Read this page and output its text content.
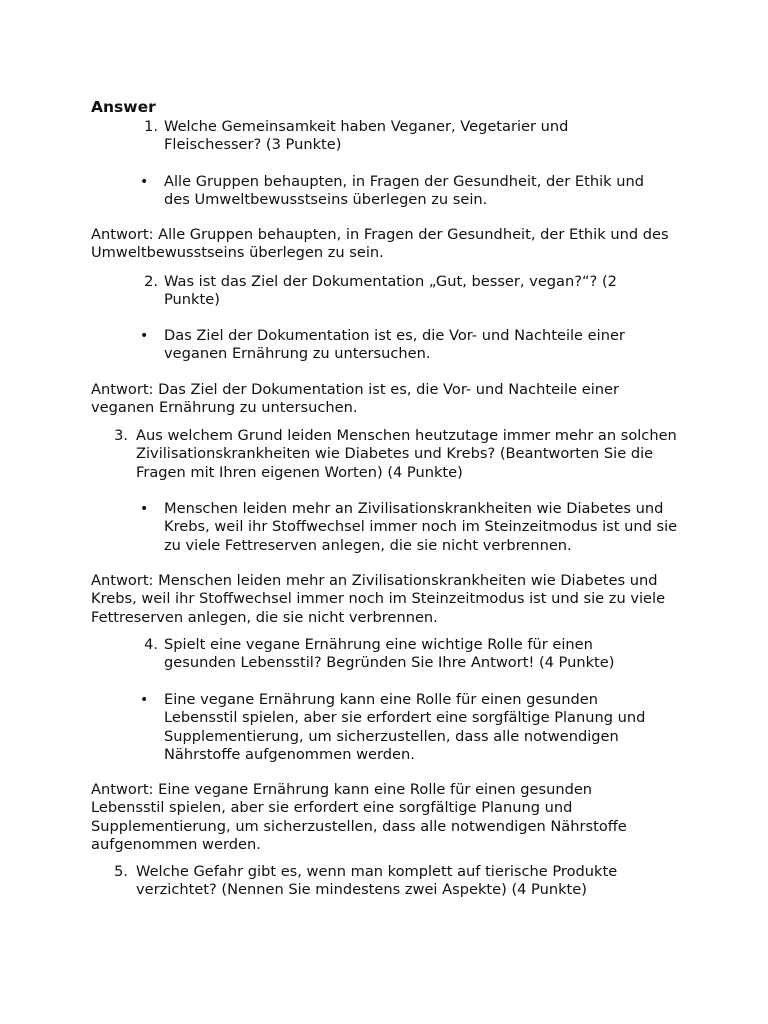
Answer
1. Welche Gemeinsamkeit haben Veganer, Vegetarier und Fleischesser? (3 Punkte)
• Alle Gruppen behaupten, in Fragen der Gesundheit, der Ethik und des Umweltbewusstseins überlegen zu sein.
Antwort: Alle Gruppen behaupten, in Fragen der Gesundheit, der Ethik und des Umweltbewusstseins überlegen zu sein.
2. Was ist das Ziel der Dokumentation „Gut, besser, vegan?“? (2 Punkte)
• Das Ziel der Dokumentation ist es, die Vor- und Nachteile einer veganen Ernährung zu untersuchen.
Antwort: Das Ziel der Dokumentation ist es, die Vor- und Nachteile einer veganen Ernährung zu untersuchen.
3. Aus welchem Grund leiden Menschen heutzutage immer mehr an solchen Zivilisationskrankheiten wie Diabetes und Krebs? (Beantworten Sie die Fragen mit Ihren eigenen Worten) (4 Punkte)
• Menschen leiden mehr an Zivilisationskrankheiten wie Diabetes und Krebs, weil ihr Stoffwechsel immer noch im Steinzeitmodus ist und sie zu viele Fettreserven anlegen, die sie nicht verbrennen.
Antwort: Menschen leiden mehr an Zivilisationskrankheiten wie Diabetes und Krebs, weil ihr Stoffwechsel immer noch im Steinzeitmodus ist und sie zu viele Fettreserven anlegen, die sie nicht verbrennen.
4. Spielt eine vegane Ernährung eine wichtige Rolle für einen gesunden Lebensstil? Begründen Sie Ihre Antwort! (4 Punkte)
• Eine vegane Ernährung kann eine Rolle für einen gesunden Lebensstil spielen, aber sie erfordert eine sorgfältige Planung und Supplementierung, um sicherzustellen, dass alle notwendigen Nährstoffe aufgenommen werden.
Antwort: Eine vegane Ernährung kann eine Rolle für einen gesunden Lebensstil spielen, aber sie erfordert eine sorgfältige Planung und Supplementierung, um sicherzustellen, dass alle notwendigen Nährstoffe aufgenommen werden.
5. Welche Gefahr gibt es, wenn man komplett auf tierische Produkte verzichtet? (Nennen Sie mindestens zwei Aspekte) (4 Punkte)
